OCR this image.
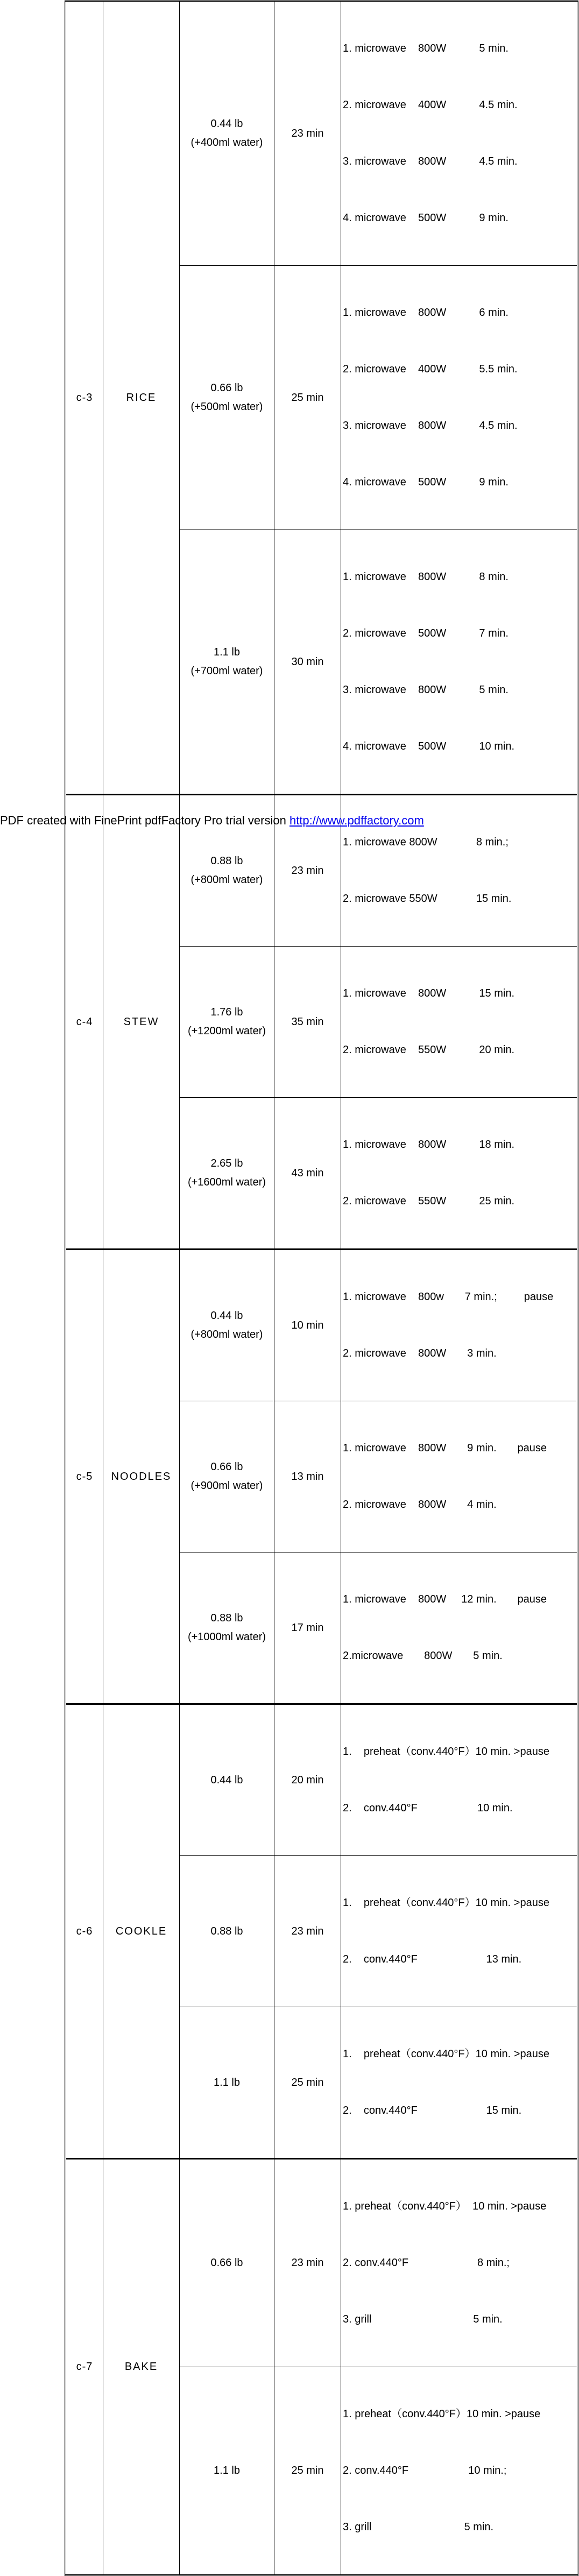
c-3	RICE	0.44 lb
(+400ml water)	23 min	1. microwave    800W           5 min.

2. microwave    400W           4.5 min.

3. microwave    800W           4.5 min.

4. microwave    500W           9 min.

		0.66 lb
(+500ml water)	25 min	1. microwave    800W           6 min.

2. microwave    400W           5.5 min.

3. microwave    800W           4.5 min.

4. microwave    500W           9 min.

		1.1 lb
(+700ml water)	30 min	1. microwave    800W           8 min.

2. microwave    500W           7 min.

3. microwave    800W           5 min.

4. microwave    500W           10 min.

c-4	STEW	0.88 lb
(+800ml water)	23 min	1. microwave 800W             8 min.;

2. microwave 550W             15 min.

		1.76 lb
(+1200ml water)	35 min	1. microwave    800W           15 min.

2. microwave    550W           20 min.

		2.65 lb
(+1600ml water)	43 min	1. microwave    800W           18 min.

2. microwave    550W           25 min.

c-5	NOODLES	0.44 lb
(+800ml water)	10 min	1. microwave    800w       7 min.;         pause

2. microwave    800W       3 min.

		0.66 lb
(+900ml water)	13 min	1. microwave    800W       9 min.       pause

2. microwave    800W       4 min.

		0.88 lb
(+1000ml water)	17 min	1. microwave    800W     12 min.       pause

2.microwave       800W       5 min.

c-6	COOKLE	0.44 lb	20 min	1.    preheat（conv.440°F）10 min. >pause

2.    conv.440°F                    10 min.

		0.88 lb	23 min	1.    preheat（conv.440°F）10 min. >pause

2.    conv.440°F                       13 min.

		1.1 lb	25 min	1.    preheat（conv.440°F）10 min. >pause

2.    conv.440°F                       15 min.

c-7	BAKE	0.66 lb	23 min	1. preheat（conv.440°F）  10 min. >pause

2. conv.440°F                       8 min.;

3. grill                                  5 min.

		1.1 lb	25 min	1. preheat（conv.440°F）10 min. >pause

2. conv.440°F                    10 min.;

3. grill                               5 min.

PDF created with FinePrint pdfFactory Pro trial version http://www.pdffactory.com
